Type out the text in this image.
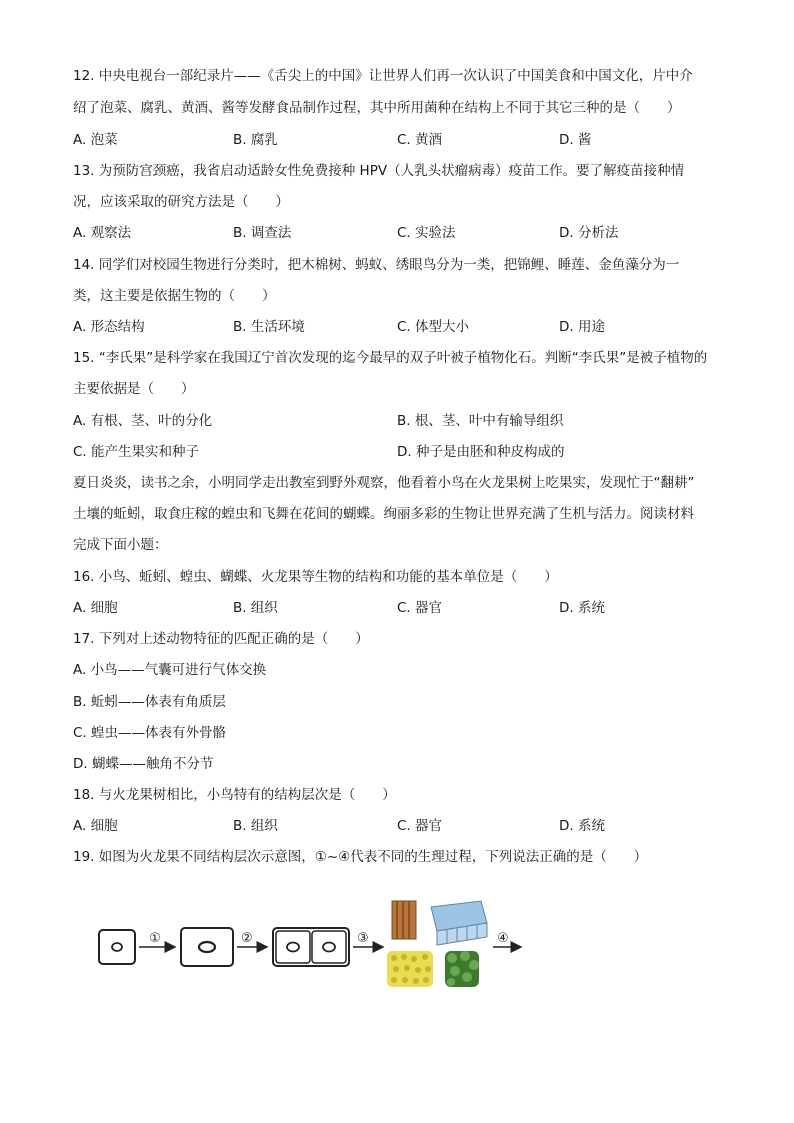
12. 中央电视台一部纪录片——《舌尖上的中国》让世界人们再一次认识了中国美食和中国文化，片中介
绍了泡菜、腐乳、黄酒、酱等发酵食品制作过程，其中所用菌种在结构上不同于其它三种的是（　　）
A. 泡菜	B. 腐乳	C. 黄酒	D. 酱
13. 为预防宫颈癌，我省启动适龄女性免费接种 HPV（人乳头状瘤病毒）疫苗工作。要了解疫苗接种情
况，应该采取的研究方法是（　　）
A. 观察法	B. 调查法	C. 实验法	D. 分析法
14. 同学们对校园生物进行分类时，把木棉树、蚂蚁、绣眼鸟分为一类，把锦鲤、睡莲、金鱼藻分为一
类，这主要是依据生物的（　　）
A. 形态结构	B. 生活环境	C. 体型大小	D. 用途
15. “李氏果”是科学家在我国辽宁首次发现的迄今最早的双子叶被子植物化石。判断“李氏果”是被子植物的
主要依据是（　　）
A. 有根、茎、叶的分化	B. 根、茎、叶中有输导组织
C. 能产生果实和种子	D. 种子是由胚和种皮构成的
夏日炎炎，读书之余，小明同学走出教室到野外观察，他看着小鸟在火龙果树上吃果实，发现忙于“翻耕”
土壤的蚯蚓，取食庄稼的蝗虫和飞舞在花间的蝴蝶。绚丽多彩的生物让世界充满了生机与活力。阅读材料
完成下面小题：
16. 小鸟、蚯蚓、蝗虫、蝴蝶、火龙果等生物的结构和功能的基本单位是（　　）
A. 细胞	B. 组织	C. 器官	D. 系统
17. 下列对上述动物特征的匹配正确的是（　　）
A. 小鸟——气囊可进行气体交换
B. 蚯蚓——体表有角质层
C. 蝗虫——体表有外骨骼
D. 蝴蝶——触角不分节
18. 与火龙果树相比，小鸟特有的结构层次是（　　）
A. 细胞	B. 组织	C. 器官	D. 系统
19. 如图为火龙果不同结构层次示意图，①~④代表不同的生理过程，下列说法正确的是（　　）
①	②	③	④
